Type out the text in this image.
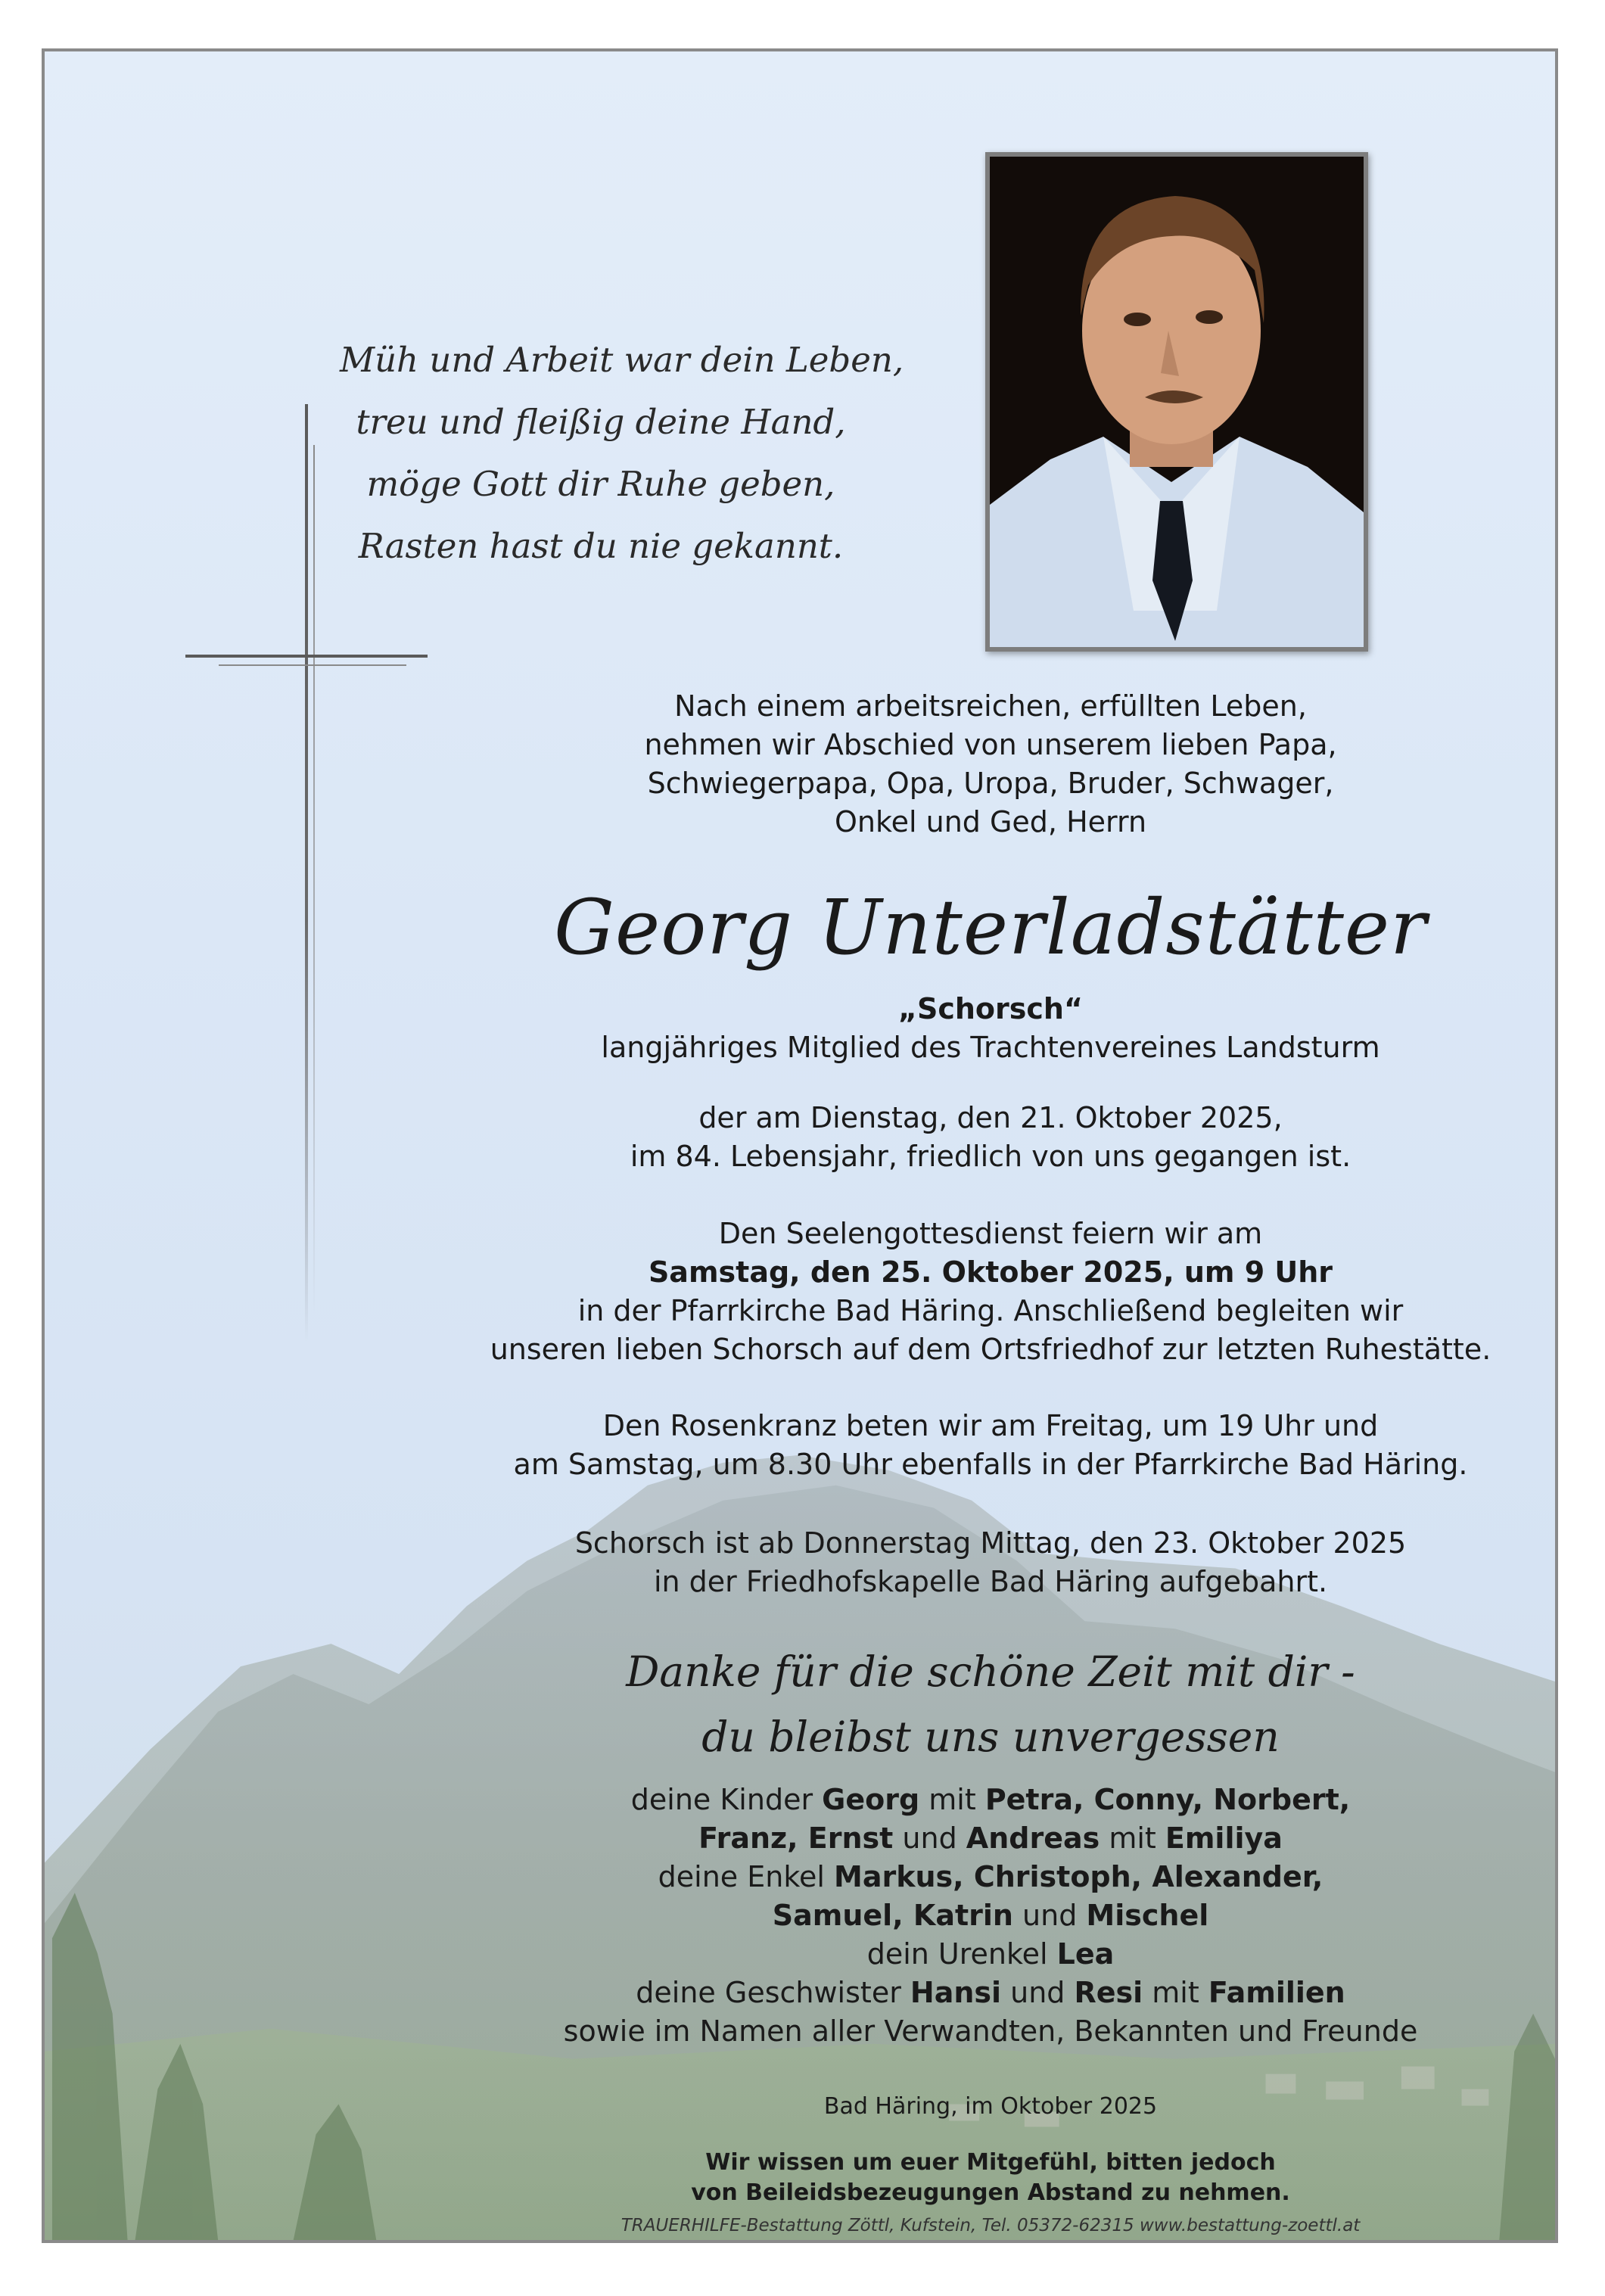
Müh und Arbeit war dein Leben,
treu und fleißig deine Hand,
möge Gott dir Ruhe geben,
Rasten hast du nie gekannt.
Nach einem arbeitsreichen, erfüllten Leben,
nehmen wir Abschied von unserem lieben Papa,
Schwiegerpapa, Opa, Uropa, Bruder, Schwager,
Onkel und Ged, Herrn
Georg Unterladstätter
„Schorsch“
langjähriges Mitglied des Trachtenvereines Landsturm
der am Dienstag, den 21. Oktober 2025,
im 84. Lebensjahr, friedlich von uns gegangen ist.
Den Seelengottesdienst feiern wir am
Samstag, den 25. Oktober 2025, um 9 Uhr
in der Pfarrkirche Bad Häring. Anschließend begleiten wir
unseren lieben Schorsch auf dem Ortsfriedhof zur letzten Ruhestätte.
Den Rosenkranz beten wir am Freitag, um 19 Uhr und
am Samstag, um 8.30 Uhr ebenfalls in der Pfarrkirche Bad Häring.
Schorsch ist ab Donnerstag Mittag, den 23. Oktober 2025
in der Friedhofskapelle Bad Häring aufgebahrt.
Danke für die schöne Zeit mit dir -
du bleibst uns unvergessen
deine Kinder Georg mit Petra, Conny, Norbert,
Franz, Ernst und Andreas mit Emiliya
deine Enkel Markus, Christoph, Alexander,
Samuel, Katrin und Mischel
dein Urenkel Lea
deine Geschwister Hansi und Resi mit Familien
sowie im Namen aller Verwandten, Bekannten und Freunde
Bad Häring, im Oktober 2025
Wir wissen um euer Mitgefühl, bitten jedoch
von Beileidsbezeugungen Abstand zu nehmen.
TRAUERHILFE-Bestattung Zöttl, Kufstein, Tel. 05372-62315 www.bestattung-zoettl.at
